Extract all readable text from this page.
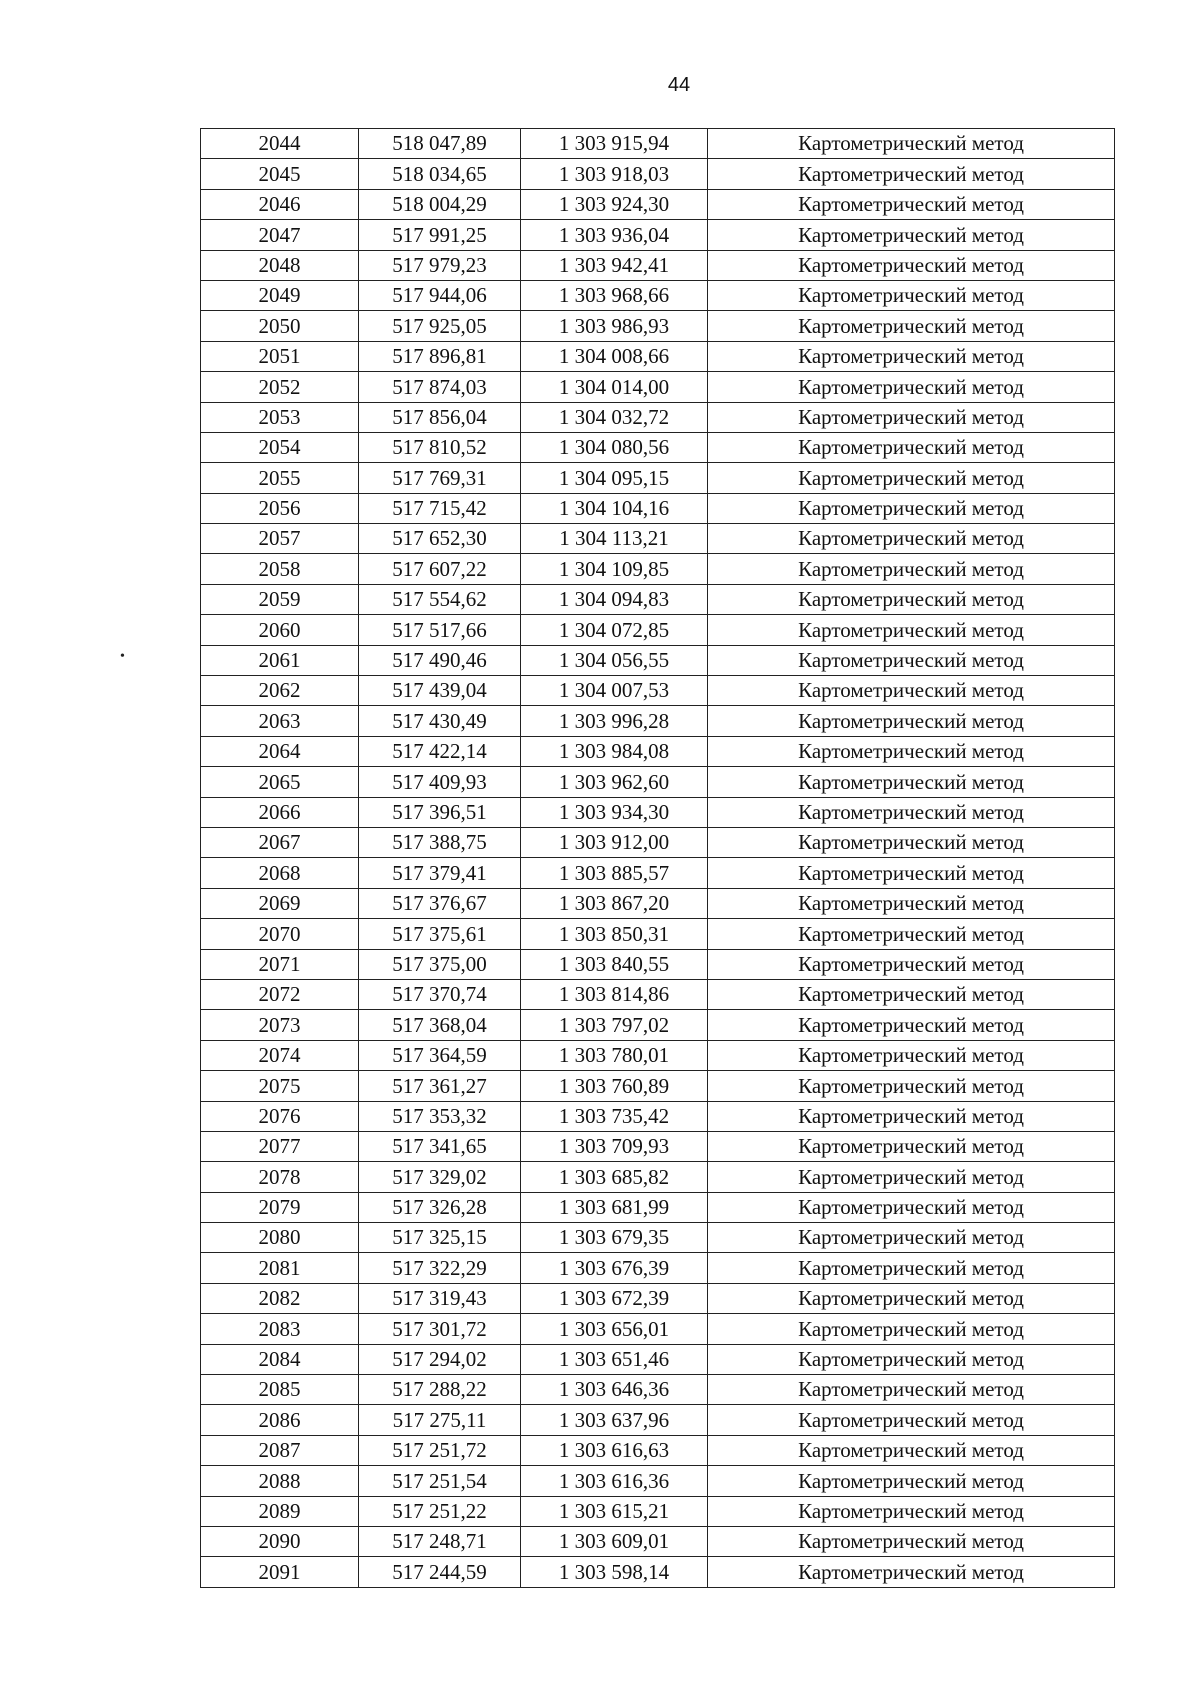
44
•
2044	518 047,89	1 303 915,94	Картометрический метод
2045	518 034,65	1 303 918,03	Картометрический метод
2046	518 004,29	1 303 924,30	Картометрический метод
2047	517 991,25	1 303 936,04	Картометрический метод
2048	517 979,23	1 303 942,41	Картометрический метод
2049	517 944,06	1 303 968,66	Картометрический метод
2050	517 925,05	1 303 986,93	Картометрический метод
2051	517 896,81	1 304 008,66	Картометрический метод
2052	517 874,03	1 304 014,00	Картометрический метод
2053	517 856,04	1 304 032,72	Картометрический метод
2054	517 810,52	1 304 080,56	Картометрический метод
2055	517 769,31	1 304 095,15	Картометрический метод
2056	517 715,42	1 304 104,16	Картометрический метод
2057	517 652,30	1 304 113,21	Картометрический метод
2058	517 607,22	1 304 109,85	Картометрический метод
2059	517 554,62	1 304 094,83	Картометрический метод
2060	517 517,66	1 304 072,85	Картометрический метод
2061	517 490,46	1 304 056,55	Картометрический метод
2062	517 439,04	1 304 007,53	Картометрический метод
2063	517 430,49	1 303 996,28	Картометрический метод
2064	517 422,14	1 303 984,08	Картометрический метод
2065	517 409,93	1 303 962,60	Картометрический метод
2066	517 396,51	1 303 934,30	Картометрический метод
2067	517 388,75	1 303 912,00	Картометрический метод
2068	517 379,41	1 303 885,57	Картометрический метод
2069	517 376,67	1 303 867,20	Картометрический метод
2070	517 375,61	1 303 850,31	Картометрический метод
2071	517 375,00	1 303 840,55	Картометрический метод
2072	517 370,74	1 303 814,86	Картометрический метод
2073	517 368,04	1 303 797,02	Картометрический метод
2074	517 364,59	1 303 780,01	Картометрический метод
2075	517 361,27	1 303 760,89	Картометрический метод
2076	517 353,32	1 303 735,42	Картометрический метод
2077	517 341,65	1 303 709,93	Картометрический метод
2078	517 329,02	1 303 685,82	Картометрический метод
2079	517 326,28	1 303 681,99	Картометрический метод
2080	517 325,15	1 303 679,35	Картометрический метод
2081	517 322,29	1 303 676,39	Картометрический метод
2082	517 319,43	1 303 672,39	Картометрический метод
2083	517 301,72	1 303 656,01	Картометрический метод
2084	517 294,02	1 303 651,46	Картометрический метод
2085	517 288,22	1 303 646,36	Картометрический метод
2086	517 275,11	1 303 637,96	Картометрический метод
2087	517 251,72	1 303 616,63	Картометрический метод
2088	517 251,54	1 303 616,36	Картометрический метод
2089	517 251,22	1 303 615,21	Картометрический метод
2090	517 248,71	1 303 609,01	Картометрический метод
2091	517 244,59	1 303 598,14	Картометрический метод
